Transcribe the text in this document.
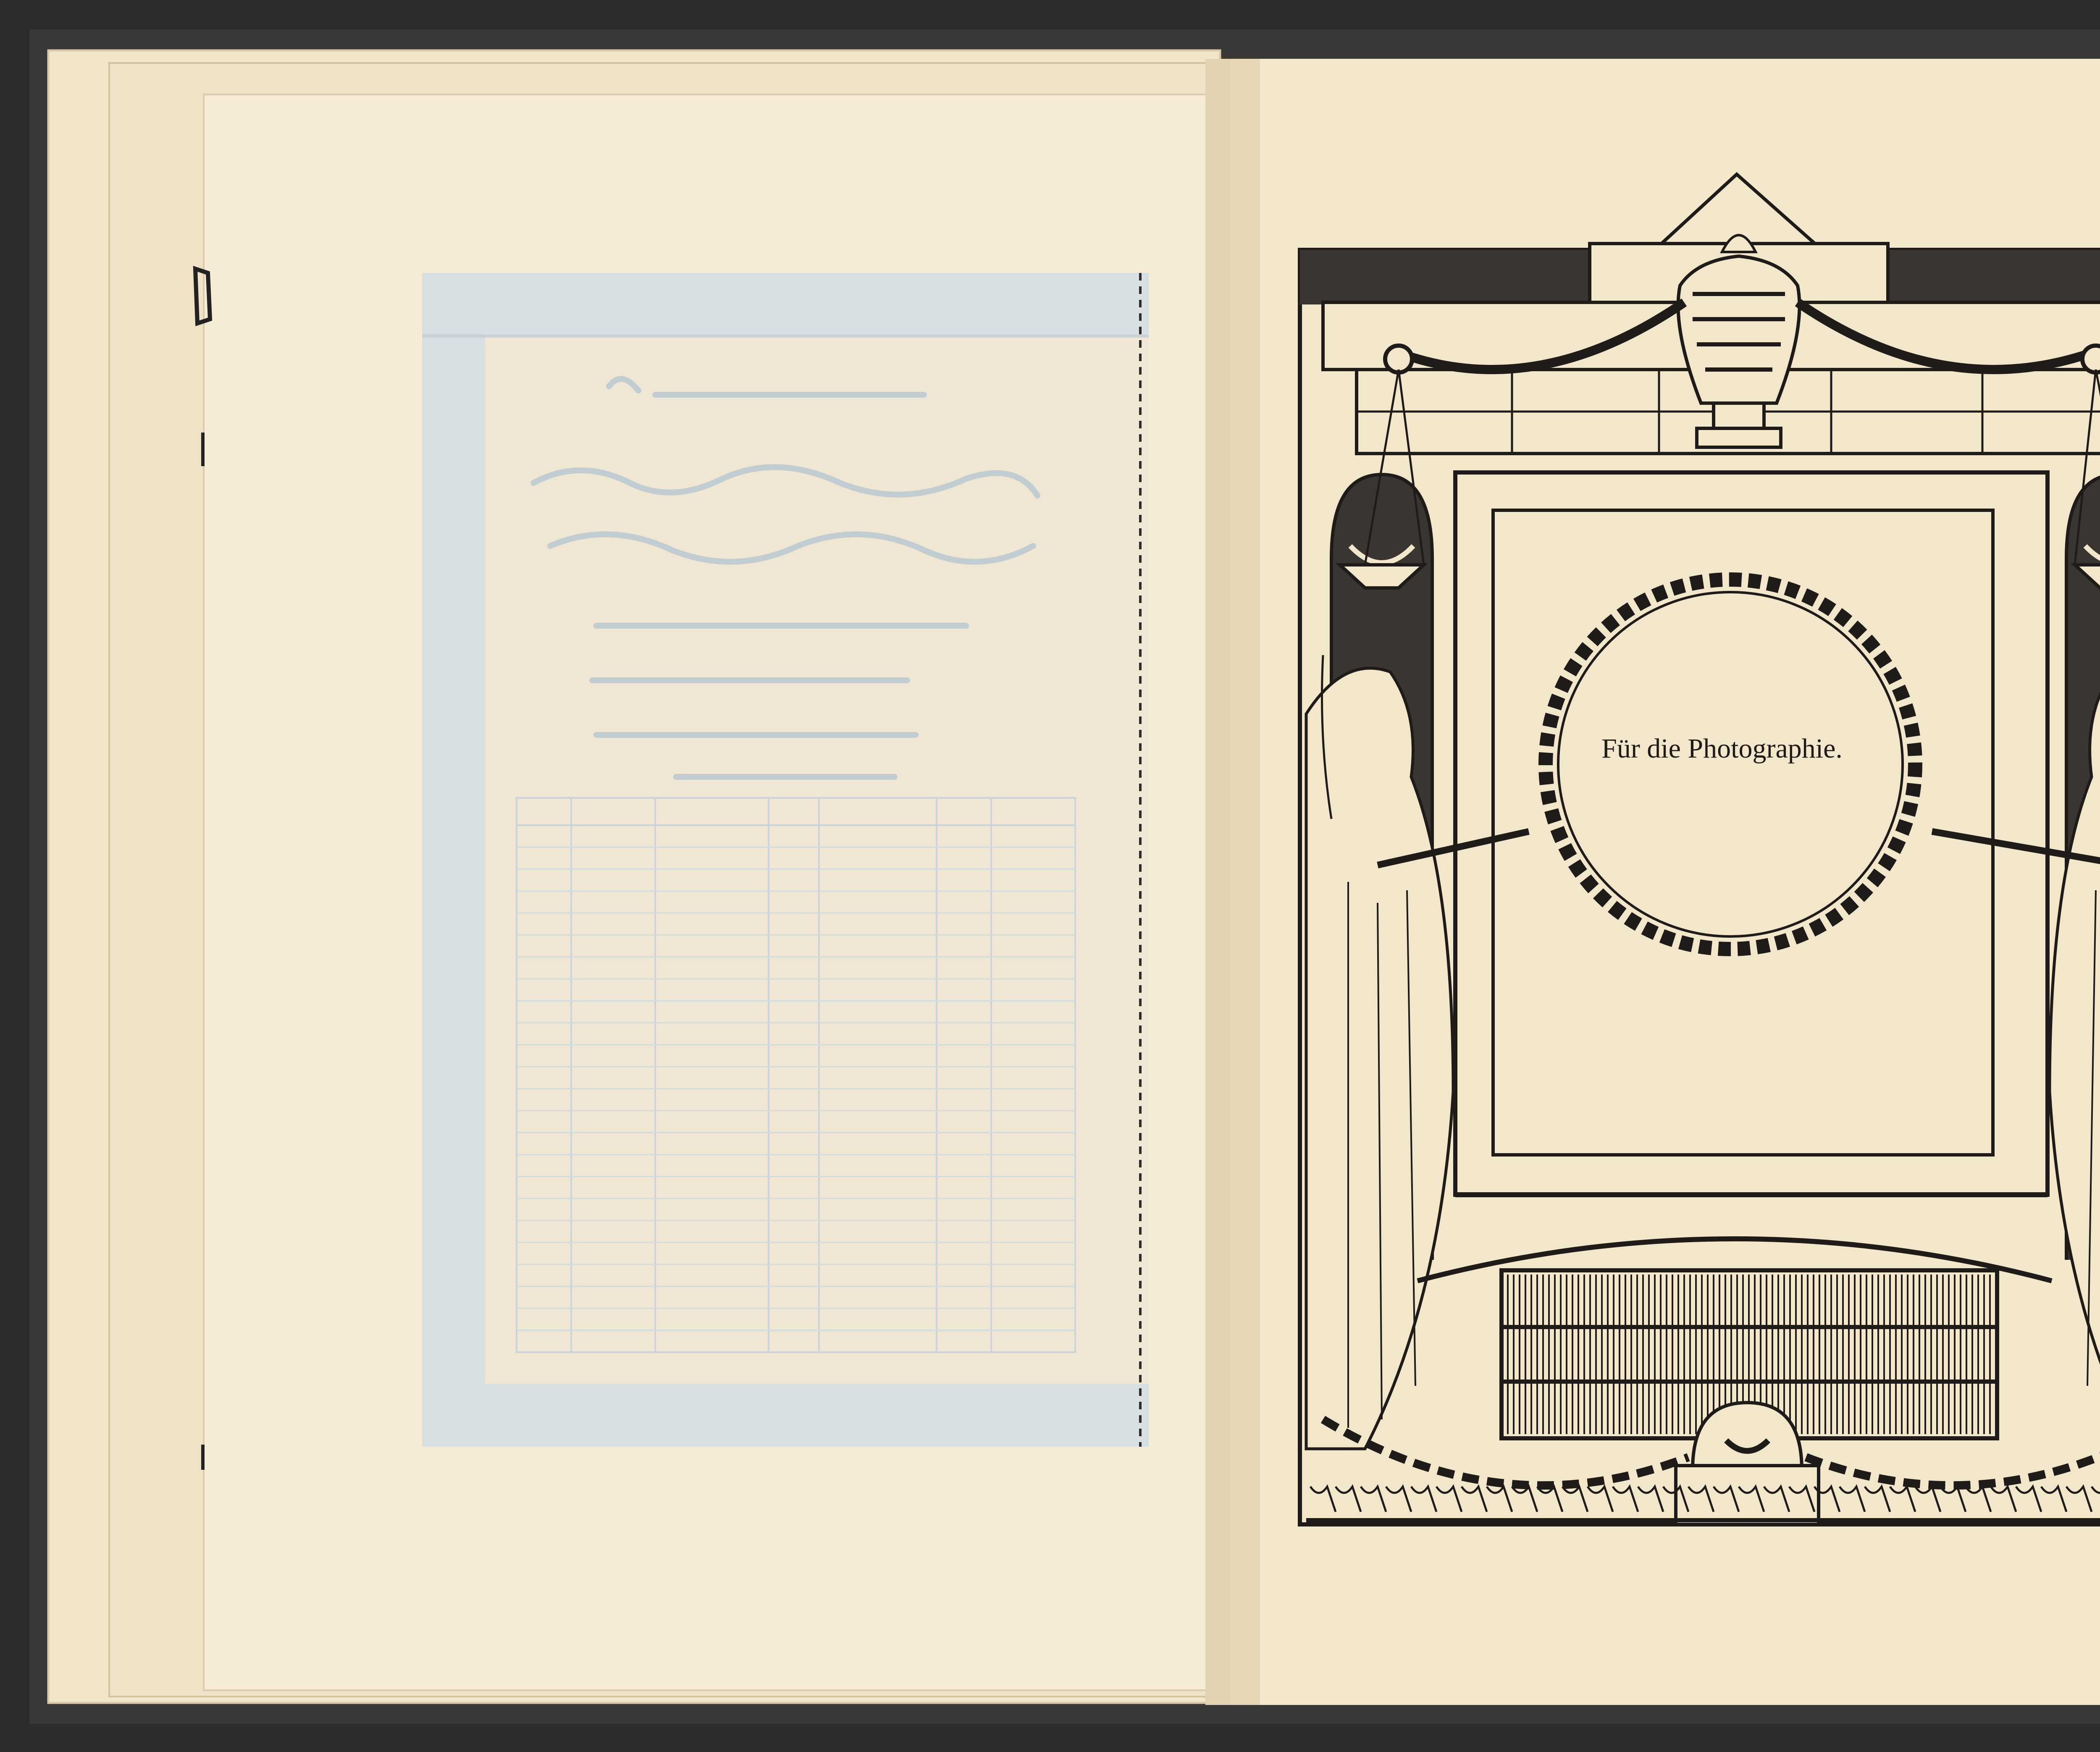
Für die Photographie.
